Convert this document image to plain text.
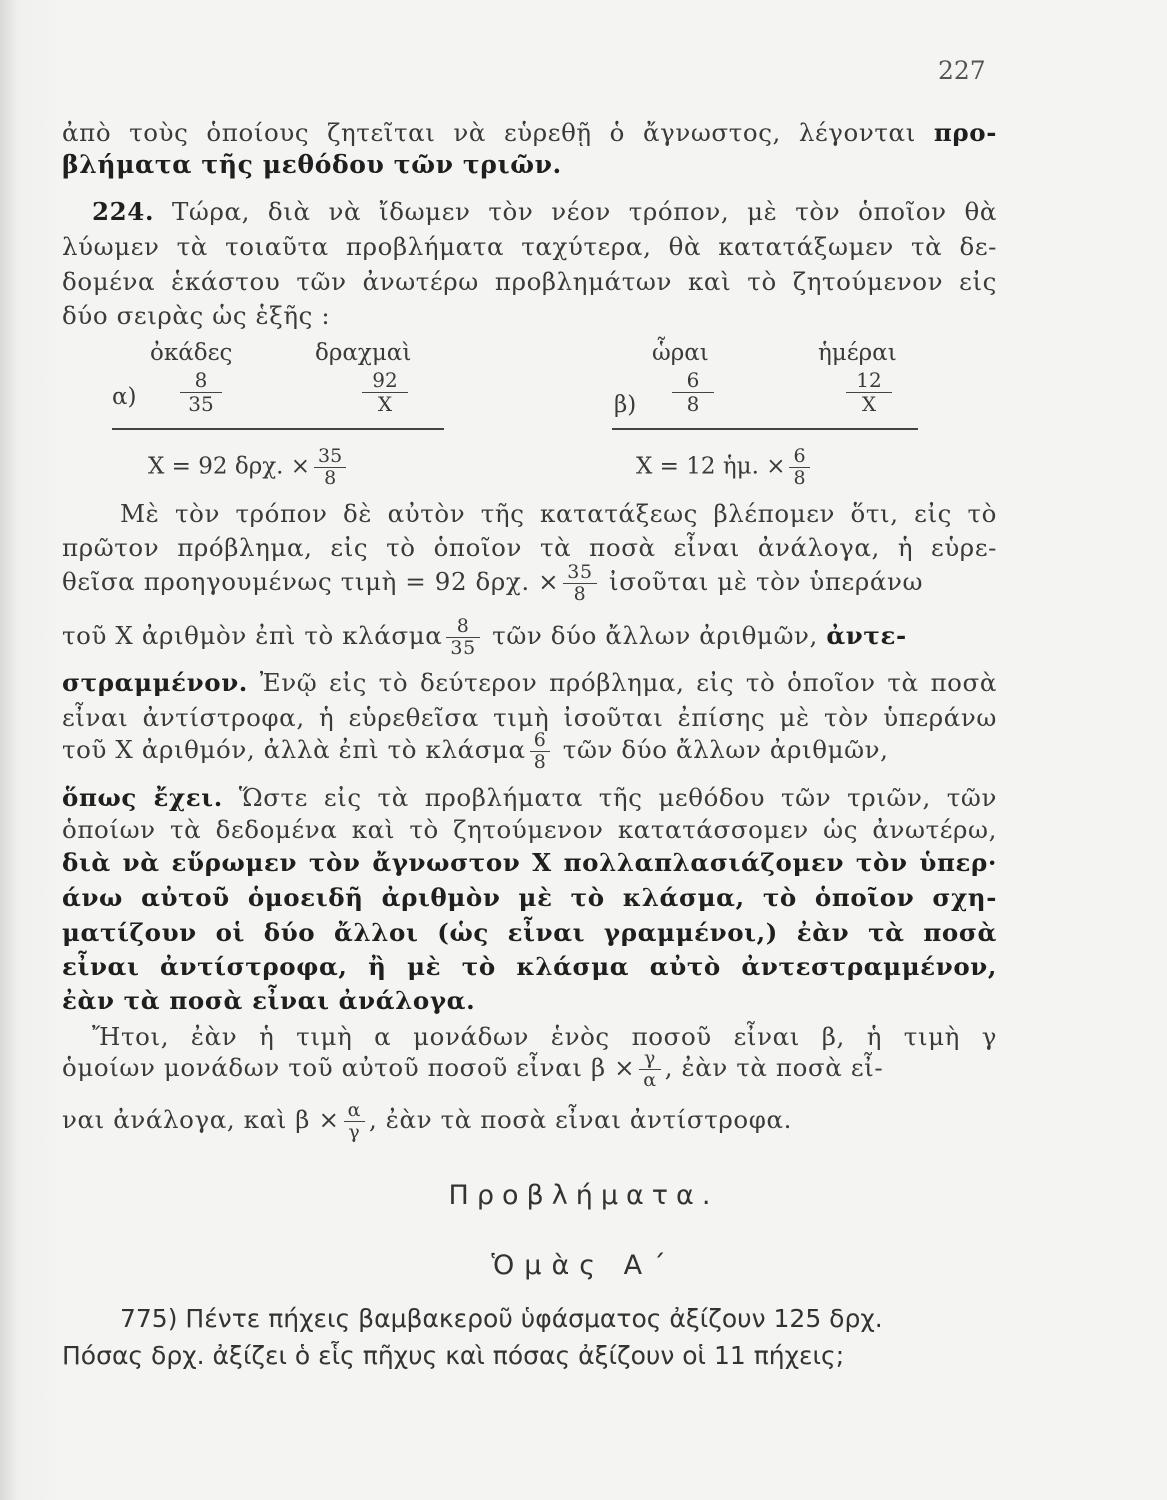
227
ἀπὸ τοὺς ὁποίους ζητεῖται νὰ εὑρεθῇ ὁ ἄγνωστος, λέγονται προ-
βλήματα τῆς μεθόδου τῶν τριῶν.
224. Τώρα, διὰ νὰ ἴδωμεν τὸν νέον τρόπον, μὲ τὸν ὁποῖον θὰ
λύωμεν τὰ τοιαῦτα προβλήματα ταχύτερα, θὰ κατατάξωμεν τὰ δε-
δομένα ἑκάστου τῶν ἀνωτέρω προβλημάτων καὶ τὸ ζητούμενον εἰς
δύο σειρὰς ὡς ἑξῆς :
ὀκάδες	δραχμαὶ
$\alpha) \frac{8}{35}$	$\frac{92}{X}$
X = 92 δρχ. × $\frac{35}{8}$
ὧραι	ἡμέραι
$\beta) \frac{6}{8}$	$\frac{12}{X}$
X = 12 ἡμ. × $\frac{6}{8}$
Μὲ τὸν τρόπον δὲ αὐτὸν τῆς κατατάξεως βλέπομεν ὅτι, εἰς τὸ
πρῶτον πρόβλημα, εἰς τὸ ὁποῖον τὰ ποσὰ εἶναι ἀνάλογα, ἡ εὑρε-
θεῖσα προηγουμένως τιμὴ = 92 δρχ. × $\frac{35}{8}$ ἰσοῦται μὲ τὸν ὑπεράνω
τοῦ X ἀριθμὸν ἐπὶ τὸ κλάσμα $\frac{8}{35}$ τῶν δύο ἄλλων ἀριθμῶν, ἀντε-
στραμμένον. Ἐνῷ εἰς τὸ δεύτερον πρόβλημα, εἰς τὸ ὁποῖον τὰ ποσὰ
εἶναι ἀντίστροφα, ἡ εὑρεθεῖσα τιμὴ ἰσοῦται ἐπίσης μὲ τὸν ὑπεράνω
τοῦ X ἀριθμόν, ἀλλὰ ἐπὶ τὸ κλάσμα $\frac{6}{8}$ τῶν δύο ἄλλων ἀριθμῶν,
ὅπως ἔχει. Ὥστε εἰς τὰ προβλήματα τῆς μεθόδου τῶν τριῶν, τῶν
ὁποίων τὰ δεδομένα καὶ τὸ ζητούμενον κατατάσσομεν ὡς ἀνωτέρω,
διὰ νὰ εὕρωμεν τὸν ἄγνωστον X πολλαπλασιάζομεν τὸν ὑπερ·
άνω αὐτοῦ ὁμοειδῆ ἀριθμὸν μὲ τὸ κλάσμα, τὸ ὁποῖον σχη-
ματίζουν οἱ δύο ἄλλοι (ὡς εἶναι γραμμένοι,) ἐὰν τὰ ποσὰ
εἶναι ἀντίστροφα, ἢ μὲ τὸ κλάσμα αὐτὸ ἀντεστραμμένον,
ἐὰν τὰ ποσὰ εἶναι ἀνάλογα.
Ἤτοι, ἐὰν ἡ τιμὴ α μονάδων ἑνὸς ποσοῦ εἶναι β, ἡ τιμὴ γ
ὁμοίων μονάδων τοῦ αὐτοῦ ποσοῦ εἶναι $\beta \times \frac{\gamma}{\alpha}$ , ἐὰν τὰ ποσὰ εἶ-
ναι ἀνάλογα, καὶ $\beta \times \frac{\alpha}{\gamma}$ , ἐὰν τὰ ποσὰ εἶναι ἀντίστροφα.
Προβλήματα.
Ὁμὰς Α΄
775) Πέντε πήχεις βαμβακεροῦ ὑφάσματος ἀξίζουν 125 δρχ.
Πόσας δρχ. ἀξίζει ὁ εἷς πῆχυς καὶ πόσας ἀξίζουν οἱ 11 πήχεις;
